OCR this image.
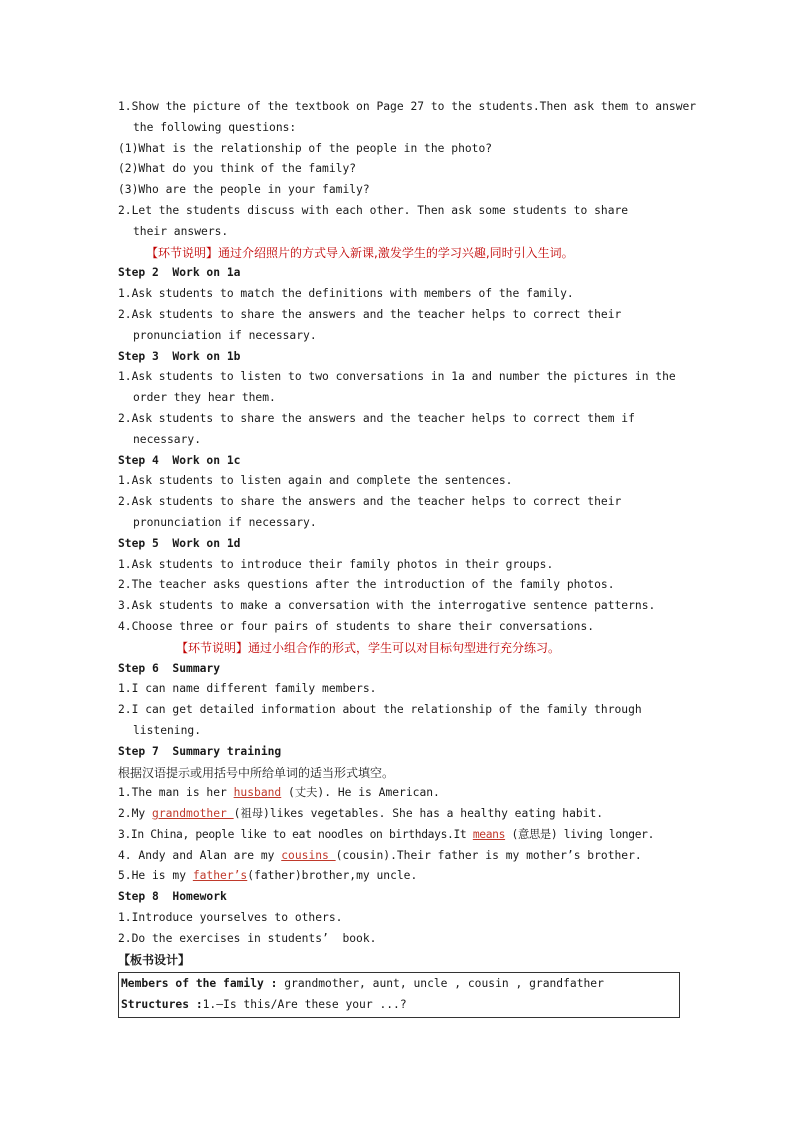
1.Show the picture of the textbook on Page 27 to the students.Then ask them to answer
the following questions:
(1)What is the relationship of the people in the photo?
(2)What do you think of the family?
(3)Who are the people in your family?
2.Let the students discuss with each other. Then ask some students to share
their answers.
【环节说明】通过介绍照片的方式导入新课,激发学生的学习兴趣,同时引入生词。
Step 2  Work on 1a
1.Ask students to match the definitions with members of the family.
2.Ask students to share the answers and the teacher helps to correct their
pronunciation if necessary.
Step 3  Work on 1b
1.Ask students to listen to two conversations in 1a and number the pictures in the
order they hear them.
2.Ask students to share the answers and the teacher helps to correct them if
necessary.
Step 4  Work on 1c
1.Ask students to listen again and complete the sentences.
2.Ask students to share the answers and the teacher helps to correct their
pronunciation if necessary.
Step 5  Work on 1d
1.Ask students to introduce their family photos in their groups.
2.The teacher asks questions after the introduction of the family photos.
3.Ask students to make a conversation with the interrogative sentence patterns.
4.Choose three or four pairs of students to share their conversations.
【环节说明】通过小组合作的形式，学生可以对目标句型进行充分练习。
Step 6  Summary
1.I can name different family members.
2.I can get detailed information about the relationship of the family through
listening.
Step 7  Summary training
根据汉语提示或用括号中所给单词的适当形式填空。
1.The man is her husband (丈夫). He is American.
2.My grandmother (祖母)likes vegetables. She has a healthy eating habit.
3.In China, people like to eat noodles on birthdays.It means (意思是) living longer.
4. Andy and Alan are my cousins (cousin).Their father is my mother’s brother.
5.He is my father’s(father)brother,my uncle.
Step 8  Homework
1.Introduce yourselves to others.
2.Do the exercises in students’  book.
【板书设计】
Members of the family : grandmother, aunt, uncle , cousin , grandfather
Structures :1.—Is this/Are these your ...?
